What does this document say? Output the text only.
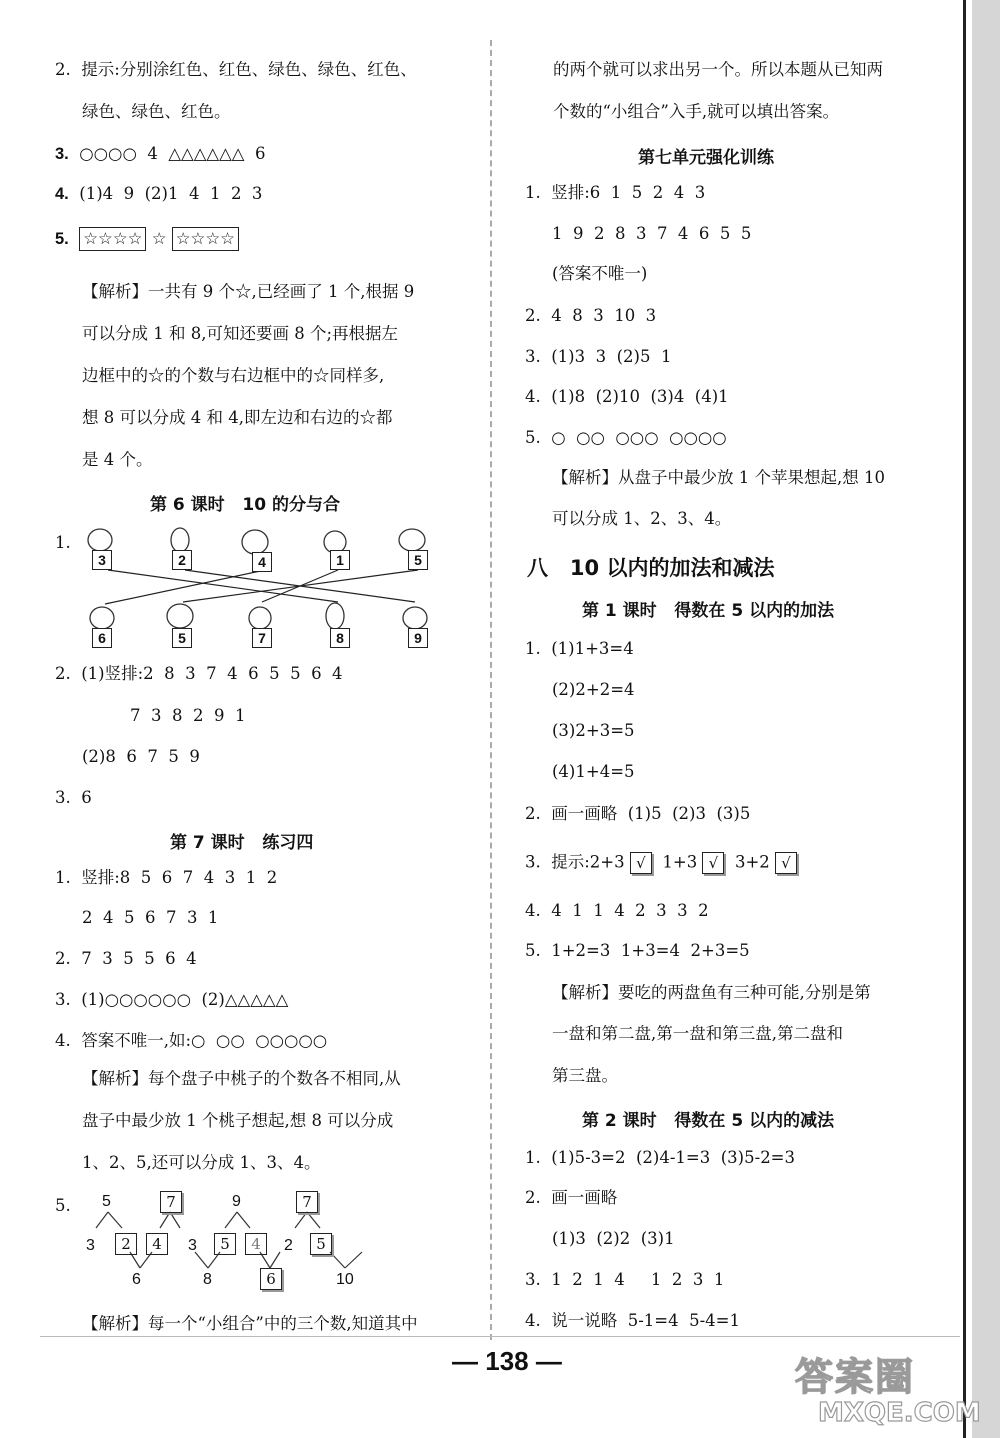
2.  提示:分别涂红色、红色、绿色、绿色、红色、
绿色、绿色、红色。
3. ○○○○  4  △△△△△△  6
4. (1)4  9  (2)1  4  1  2  3
5. ☆☆☆☆ ☆ ☆☆☆☆
【解析】一共有 9 个☆,已经画了 1 个,根据 9
可以分成 1 和 8,可知还要画 8 个;再根据左
边框中的☆的个数与右边框中的☆同样多,
想 8 可以分成 4 和 4,即左边和右边的☆都
是 4 个。
第 6 课时   10 的分与合
1.
3	2	4	1	5
6	5	7	8	9
2.  (1)竖排:2  8  3  7  4  6  5  5  6  4
7  3  8  2  9  1
(2)8  6  7  5  9
3.  6
第 7 课时   练习四
1.  竖排:8  5  6  7  4  3  1  2
2  4  5  6  7  3  1
2.  7  3  5  5  6  4
3.  (1)○○○○○○  (2)△△△△△
4.  答案不唯一,如:○  ○○  ○○○○○
【解析】每个盘子中桃子的个数各不相同,从
盘子中最少放 1 个桃子想起,想 8 可以分成
1、2、5,还可以分成 1、3、4。
5. 5
3	2
7
4	3
9
5	4
7
2	5
6	8	6	10
【解析】每一个“小组合”中的三个数,知道其中
的两个就可以求出另一个。所以本题从已知两
个数的“小组合”入手,就可以填出答案。
第七单元强化训练
1.  竖排:6  1  5  2  4  3
1  9  2  8  3  7  4  6  5  5
(答案不唯一)
2.  4  8  3  10  3
3.  (1)3  3  (2)5  1
4.  (1)8  (2)10  (3)4  (4)1
5.  ○  ○○  ○○○  ○○○○
【解析】从盘子中最少放 1 个苹果想起,想 10
可以分成 1、2、3、4。
八   10 以内的加法和减法
第 1 课时   得数在 5 以内的加法
1.  (1)1+3=4
(2)2+2=4
(3)2+3=5
(4)1+4=5
2.  画一画略  (1)5  (2)3  (3)5
3.  提示:2+3 √ 1+3 √ 3+2 √
4.  4  1  1  4  2  3  3  2
5.  1+2=3  1+3=4  2+3=5
【解析】要吃的两盘鱼有三种可能,分别是第
一盘和第二盘,第一盘和第三盘,第二盘和
第三盘。
第 2 课时   得数在 5 以内的减法
1.  (1)5-3=2  (2)4-1=3  (3)5-2=3
2.  画一画略
(1)3  (2)2  (3)1
3.  1  2  1  4     1  2  3  1
4.  说一说略  5-1=4  5-4=1
— 138 —	答案圈
MXQE.COM
